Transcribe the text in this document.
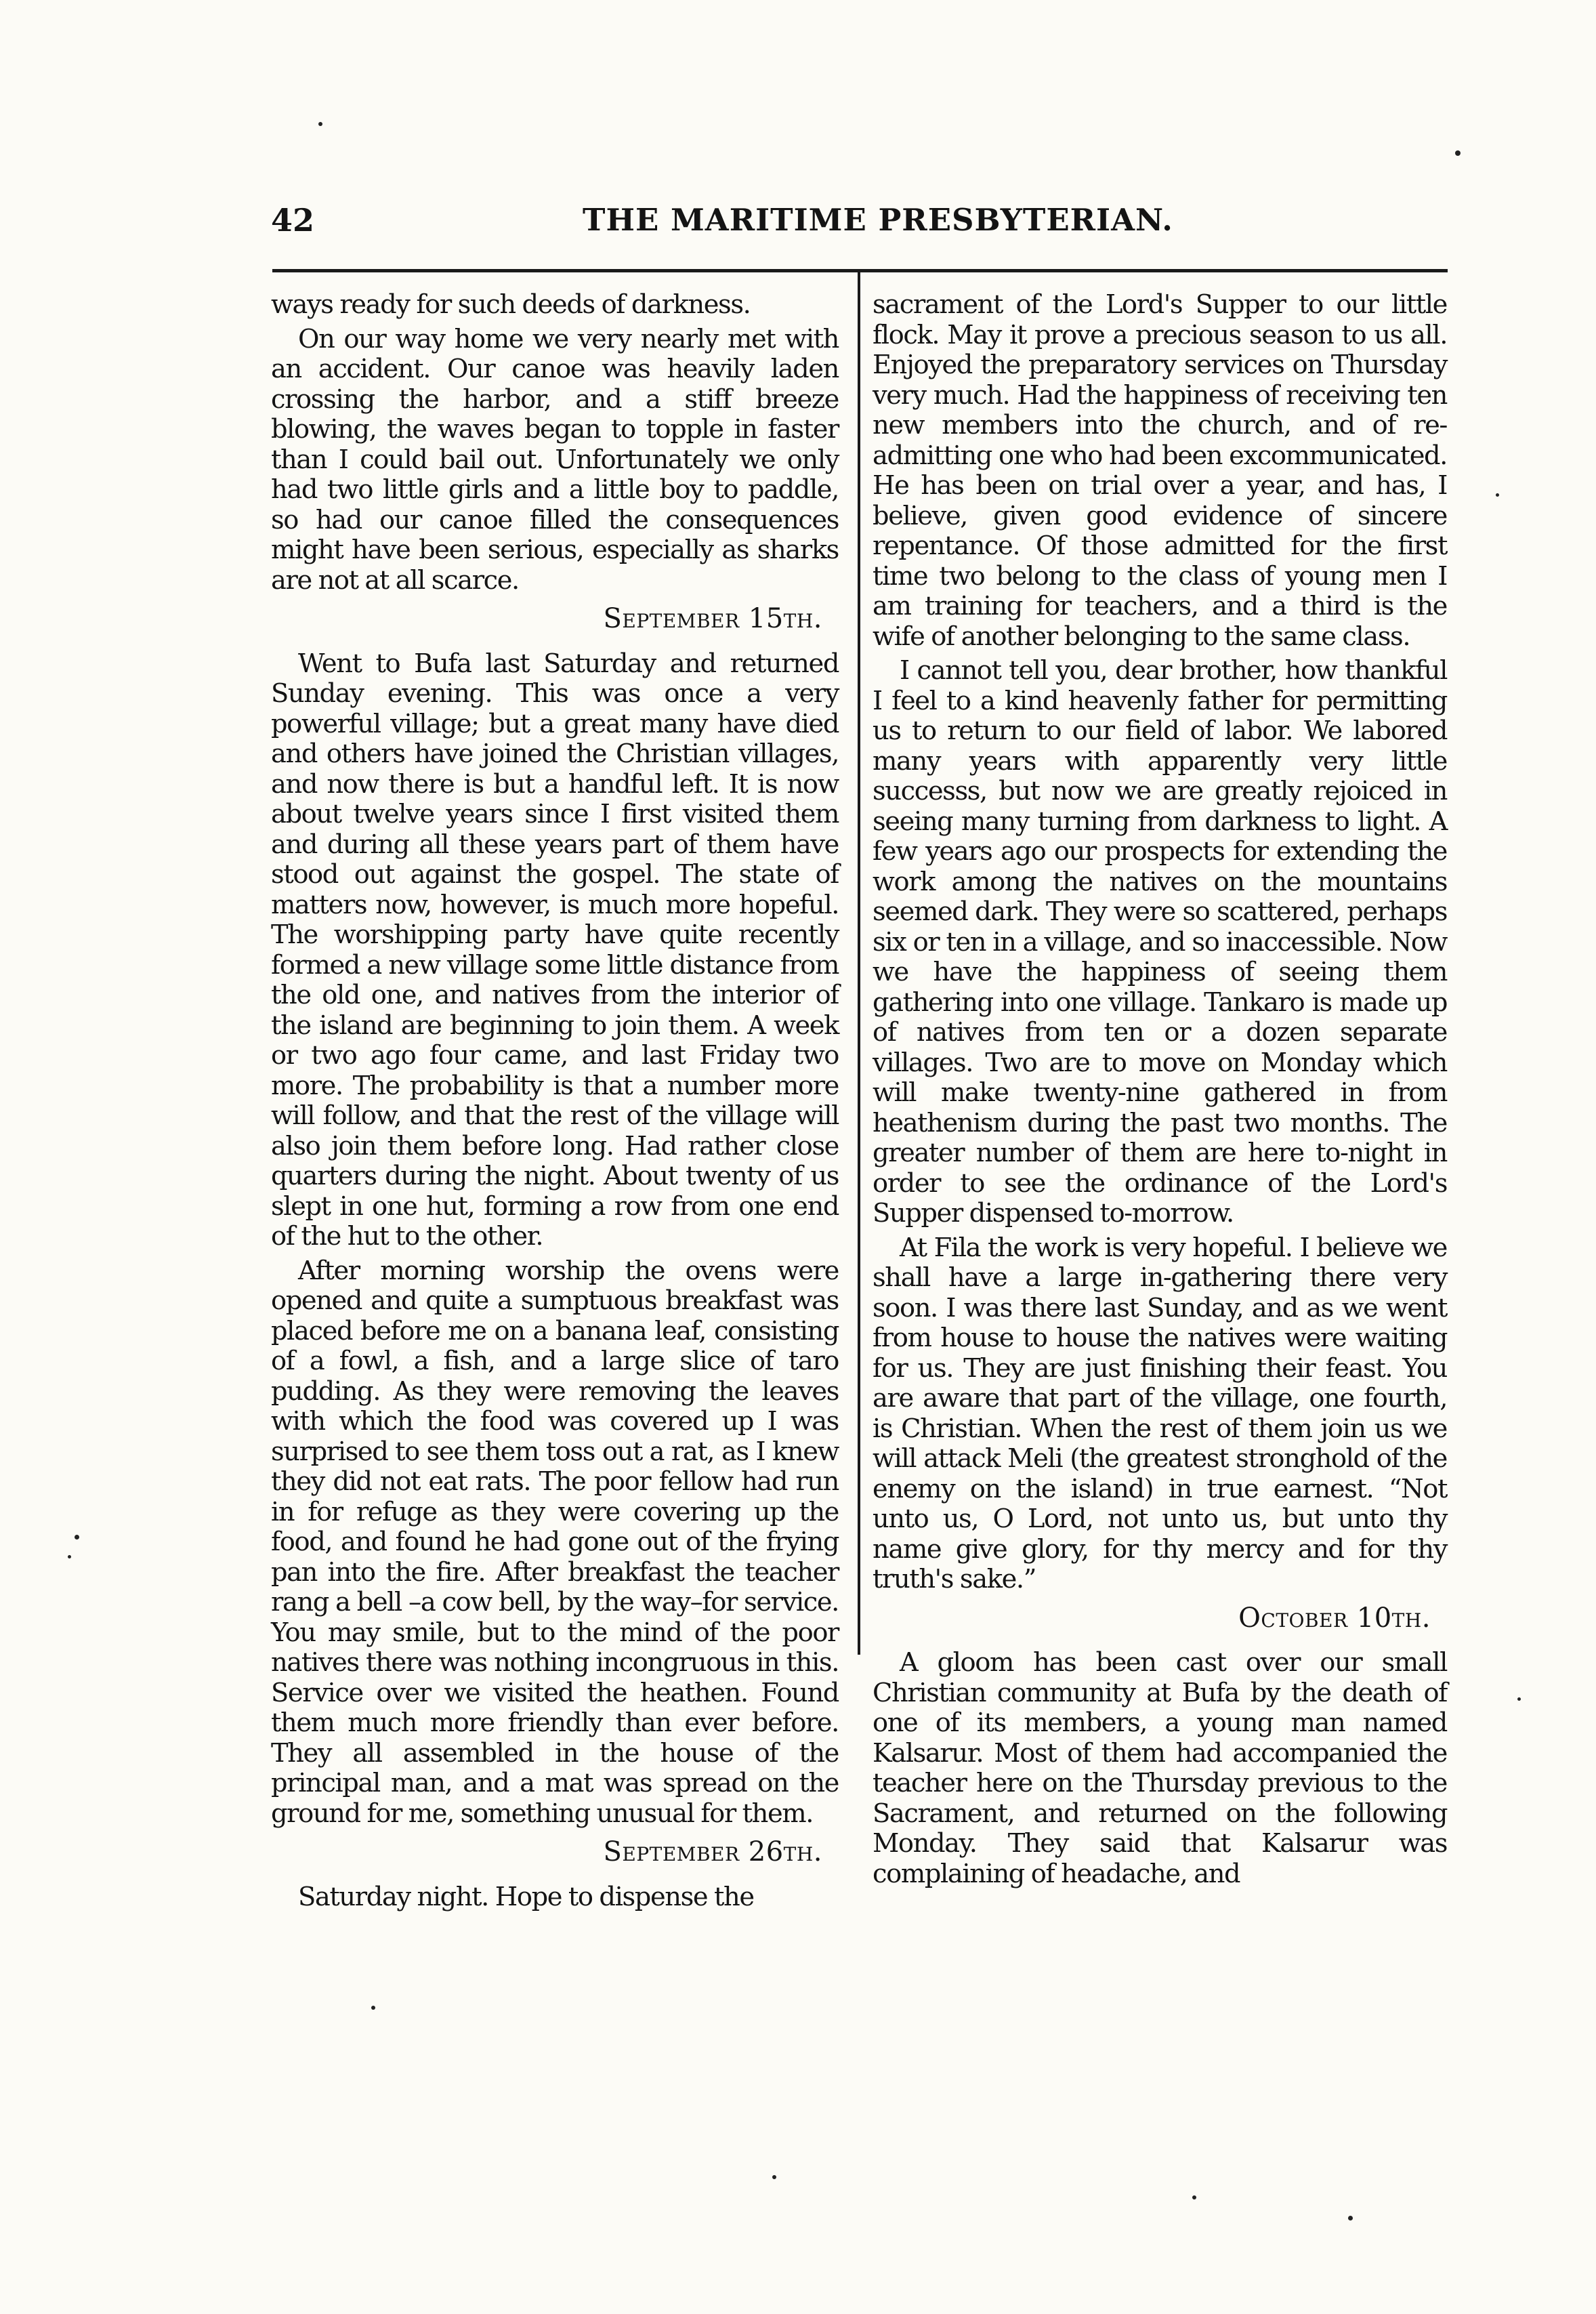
42	THE MARITIME PRESBYTERIAN.

ways ready for such deeds of darkness.

On our way home we very nearly met with an accident. Our canoe was heavily laden crossing the harbor, and a stiff breeze blowing, the waves began to topple in faster than I could bail out. Unfortunately we only had two little girls and a little boy to paddle, so had our canoe filled the consequences might have been serious, especially as sharks are not at all scarce.

September 15th.

Went to Bufa last Saturday and returned Sunday evening. This was once a very powerful village; but a great many have died and others have joined the Christian villages, and now there is but a handful left. It is now about twelve years since I first visited them and during all these years part of them have stood out against the gospel. The state of matters now, however, is much more hopeful. The worshipping party have quite recently formed a new village some little distance from the old one, and natives from the interior of the island are beginning to join them. A week or two ago four came, and last Friday two more. The probability is that a number more will follow, and that the rest of the village will also join them before long. Had rather close quarters during the night. About twenty of us slept in one hut, forming a row from one end of the hut to the other.

After morning worship the ovens were opened and quite a sumptuous breakfast was placed before me on a banana leaf, consisting of a fowl, a fish, and a large slice of taro pudding. As they were removing the leaves with which the food was covered up I was surprised to see them toss out a rat, as I knew they did not eat rats. The poor fellow had run in for refuge as they were covering up the food, and found he had gone out of the frying pan into the fire. After breakfast the teacher rang a bell –a cow bell, by the way–for service. You may smile, but to the mind of the poor natives there was nothing incongruous in this. Service over we visited the heathen. Found them much more friendly than ever before. They all assembled in the house of the principal man, and a mat was spread on the ground for me, something unusual for them.

September 26th.

Saturday night. Hope to dispense the

sacrament of the Lord's Supper to our little flock. May it prove a precious season to us all. Enjoyed the preparatory services on Thursday very much. Had the happiness of receiving ten new members into the church, and of re-admitting one who had been excommunicated. He has been on trial over a year, and has, I believe, given good evidence of sincere repentance. Of those admitted for the first time two belong to the class of young men I am training for teachers, and a third is the wife of another belonging to the same class.

I cannot tell you, dear brother, how thankful I feel to a kind heavenly father for permitting us to return to our field of labor. We labored many years with apparently very little successs, but now we are greatly rejoiced in seeing many turning from darkness to light. A few years ago our prospects for extending the work among the natives on the mountains seemed dark. They were so scattered, perhaps six or ten in a village, and so inaccessible. Now we have the happiness of seeing them gathering into one village. Tankaro is made up of natives from ten or a dozen separate villages. Two are to move on Monday which will make twenty-nine gathered in from heathenism during the past two months. The greater number of them are here to-night in order to see the ordinance of the Lord's Supper dispensed to-morrow.

At Fila the work is very hopeful. I believe we shall have a large in-gathering there very soon. I was there last Sunday, and as we went from house to house the natives were waiting for us. They are just finishing their feast. You are aware that part of the village, one fourth, is Christian. When the rest of them join us we will attack Meli (the greatest stronghold of the enemy on the island) in true earnest. “Not unto us, O Lord, not unto us, but unto thy name give glory, for thy mercy and for thy truth's sake.”

October 10th.

A gloom has been cast over our small Christian community at Bufa by the death of one of its members, a young man named Kalsarur. Most of them had accompanied the teacher here on the Thursday previous to the Sacrament, and returned on the following Monday. They said that Kalsarur was complaining of headache, and
